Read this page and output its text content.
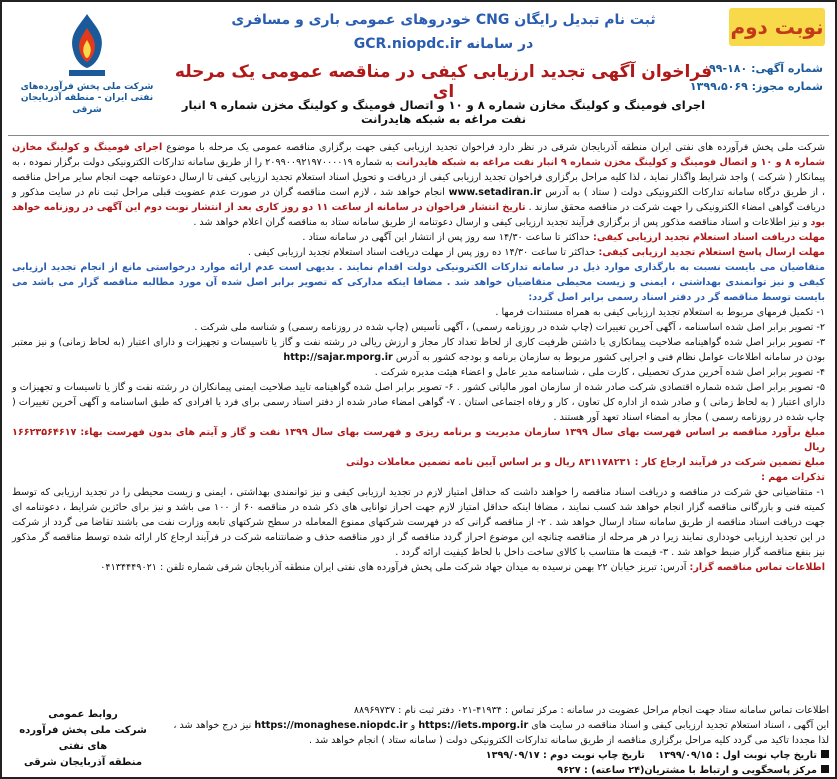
شرکت ملی پخش فرآورده‌های نفتی ایران - منطقه آذربایجان شرقی
نوبت دوم
شماره آگهی: ۱۸۰-۹۹
شماره مجوز: ۱۳۹۹،۵۰۶۹
ثبت نام تبدیل رایگان CNG خودروهای عمومی باری و مسافری
در سامانه GCR.niopdc.ir
فراخوان آگهی تجدید ارزیابی کیفی در مناقصه عمومی یک مرحله ای
اجرای فومینگ و کولینگ مخازن شماره ۸ و ۱۰ و اتصال فومینگ و کولینگ مخزن شماره ۹ انبار نفت مراغه به شبکه هایدرانت

شرکت ملی پخش فرآورده های نفتی ایران منطقه آذربایجان شرقی در نظر دارد فراخوان تجدید ارزیابی کیفی جهت برگزاری مناقصه عمومی یک مرحله با موضوع اجرای فومینگ و کولینگ مخازن شماره ۸ و ۱۰ و اتصال فومینگ و کولینگ مخزن شماره ۹ انبار نفت مراغه به شبکه هایدرانت به شماره ۲۰۹۹۰۰۹۲۱۹۷۰۰۰۰۱۹ را از طریق سامانه تدارکات الکترونیکی دولت برگزار نموده ، به پیمانکار ( شرکت ) واجد شرایط واگذار نماید ، لذا کلیه مراحل برگزاری فراخوان تجدید ارزیابی کیفی از دریافت و تحویل اسناد استعلام تجدید ارزیابی کیفی تا ارسال دعوتنامه جهت انجام سایر مراحل مناقصه ، از طریق درگاه سامانه تدارکات الکترونیکی دولت ( ستاد ) به آدرس www.setadiran.ir انجام خواهد شد ، لازم است مناقصه گران در صورت عدم عضویت قبلی مراحل ثبت نام در سایت مذکور و دریافت گواهی امضاء الکترونیکی را جهت شرکت در مناقصه محقق سازند . تاریخ انتشار فراخوان در سامانه از ساعت ۱۱ دو روز کاری بعد از انتشار نوبت دوم این آگهی در روزنامه خواهد بود و نیز اطلاعات و اسناد مناقصه مذکور پس از برگزاری فرآیند تجدید ارزیابی کیفی و ارسال دعوتنامه از طریق سامانه ستاد به مناقصه گران اعلام خواهد شد .

مهلت دریافت اسناد استعلام تجدید ارزیابی کیفی: حداکثر تا ساعت ۱۴/۳۰ سه روز پس از انتشار این آگهی در سامانه ستاد .

مهلت ارسال پاسخ استعلام تجدید ارزیابی کیفی: حداکثر تا ساعت ۱۴/۳۰ ده روز پس از مهلت دریافت اسناد استعلام تجدید ارزیابی کیفی .

متقاضیان می بایست نسبت به بارگذاری موارد ذیل در سامانه تدارکات الکترونیکی دولت اقدام نمایند . بدیهی است عدم ارائه موارد درخواستی مانع از انجام تجدید ارزیابی کیفی و نیز توانمندی بهداشتی ، ایمنی و زیست محیطی متقاضیان خواهد شد . مضافا اینکه مدارکی که تصویر برابر اصل شده آن مورد مطالبه مناقصه گزار می باشد می بایست توسط مناقصه گر در دفتر اسناد رسمی برابر اصل گردد:

۱- تکمیل فرمهای مربوط به استعلام تجدید ارزیابی کیفی به همراه مستندات فرمها .

۲- تصویر برابر اصل شده اساسنامه ، آگهی آخرین تغییرات (چاپ شده در روزنامه رسمی) ، آگهی تأسیس (چاپ شده در روزنامه رسمی) و شناسه ملی شرکت .

۳- تصویر برابر اصل شده گواهینامه صلاحیت پیمانکاری با داشتن ظرفیت کاری از لحاظ تعداد کار مجاز و ارزش ریالی در رشته نفت و گاز یا تاسیسات و تجهیزات و دارای اعتبار (به لحاظ زمانی) و نیز معتبر بودن در سامانه اطلاعات عوامل نظام فنی و اجرایی کشور مربوط به سازمان برنامه و بودجه کشور به آدرس http://sajar.mporg.ir

۴- تصویر برابر اصل شده آخرین مدرک تحصیلی ، کارت ملی ، شناسنامه مدیر عامل و اعضاء هیئت مدیره شرکت .

۵- تصویر برابر اصل شده شماره اقتصادی شرکت صادر شده از سازمان امور مالیاتی کشور . ۶- تصویر برابر اصل شده گواهینامه تایید صلاحیت ایمنی پیمانکاران در رشته نفت و گاز یا تاسیسات و تجهیزات و دارای اعتبار ( به لحاظ زمانی ) و صادر شده از اداره کل تعاون ، کار و رفاه اجتماعی استان . ۷- گواهی امضاء صادر شده از دفتر اسناد رسمی برای فرد یا افرادی که طبق اساسنامه و آگهی آخرین تغییرات ( چاپ شده در روزنامه رسمی ) مجاز به امضاء اسناد تعهد آور هستند .

مبلغ برآورد مناقصه بر اساس فهرست بهای سال ۱۳۹۹ سازمان مدیریت و برنامه ریزی و فهرست بهای سال ۱۳۹۹ نفت و گاز و آیتم های بدون فهرست بهاء: ۱۶۶۲۳۵۶۴۶۱۷ ریال

مبلغ تضمین شرکت در فرآیند ارجاع کار : ۸۳۱۱۷۸۲۳۱ ریال و بر اساس آیین نامه تضمین معاملات دولتی

تذکرات مهم :

۱- متقاضیانی حق شرکت در مناقصه و دریافت اسناد مناقصه را خواهند داشت که حداقل امتیاز لازم در تجدید ارزیابی کیفی و نیز توانمندی بهداشتی ، ایمنی و زیست محیطی را در تجدید ارزیابی که توسط کمیته فنی و بازرگانی مناقصه گزار انجام خواهد شد کسب نمایند ، مضافا اینکه حداقل امتیاز لازم جهت احراز توانایی های ذکر شده در مناقصه ۶۰ از ۱۰۰ می باشد و نیز برای حائزین شرایط ، دعوتنامه ای جهت دریافت اسناد مناقصه از طریق سامانه ستاد ارسال خواهد شد . ۲- از مناقصه گرانی که در فهرست شرکتهای ممنوع المعامله در سطح شرکتهای تابعه وزارت نفت می باشند تقاضا می گردد از شرکت در این تجدید ارزیابی خودداری نمایند زیرا در هر مرحله از مناقصه چنانچه این موضوع احراز گردد مناقصه گر از دور مناقصه حذف و ضمانتنامه شرکت در فرآیند ارجاع کار ارائه شده توسط مناقصه گر مذکور نیز بنفع مناقصه گزار ضبط خواهد شد . ۳- قیمت ها متناسب با کالای ساخت داخل با لحاظ کیفیت ارائه گردد .

اطلاعات تماس مناقصه گزار: آدرس: تبریز خیابان ۲۲ بهمن نرسیده به میدان جهاد شرکت ملی پخش فرآورده های نفتی ایران منطقه آذربایجان شرقی شماره تلفن : ۰۴۱۳۴۴۴۹۰۲۱

اطلاعات تماس سامانه ستاد جهت انجام مراحل عضویت در سامانه : مرکز تماس : ۴۱۹۳۴-۰۲۱ دفتر ثبت نام : ۸۸۹۶۹۷۳۷

این آگهی ، اسناد استعلام تجدید ارزیابی کیفی و اسناد مناقصه در سایت های https://iets.mporg.ir و https://monaghese.niopdc.ir نیز درج خواهد شد ، لذا مجددا تاکید می گردد کلیه مراحل برگزاری مناقصه از طریق سامانه تدارکات الکترونیکی دولت ( سامانه ستاد ) انجام خواهد شد .

تاریخ چاپ نوبت اول : ۱۳۹۹/۰۹/۱۵    تاریخ چاپ نوبت دوم : ۱۳۹۹/۰۹/۱۷

مرکز پاسخگویی و ارتباط با مشتریان(۲۴ ساعته) : ۹۶۲۷

روابط عمومی
شرکت ملی پخش فرآورده های نفتی
منطقه آذربایجان شرقی
